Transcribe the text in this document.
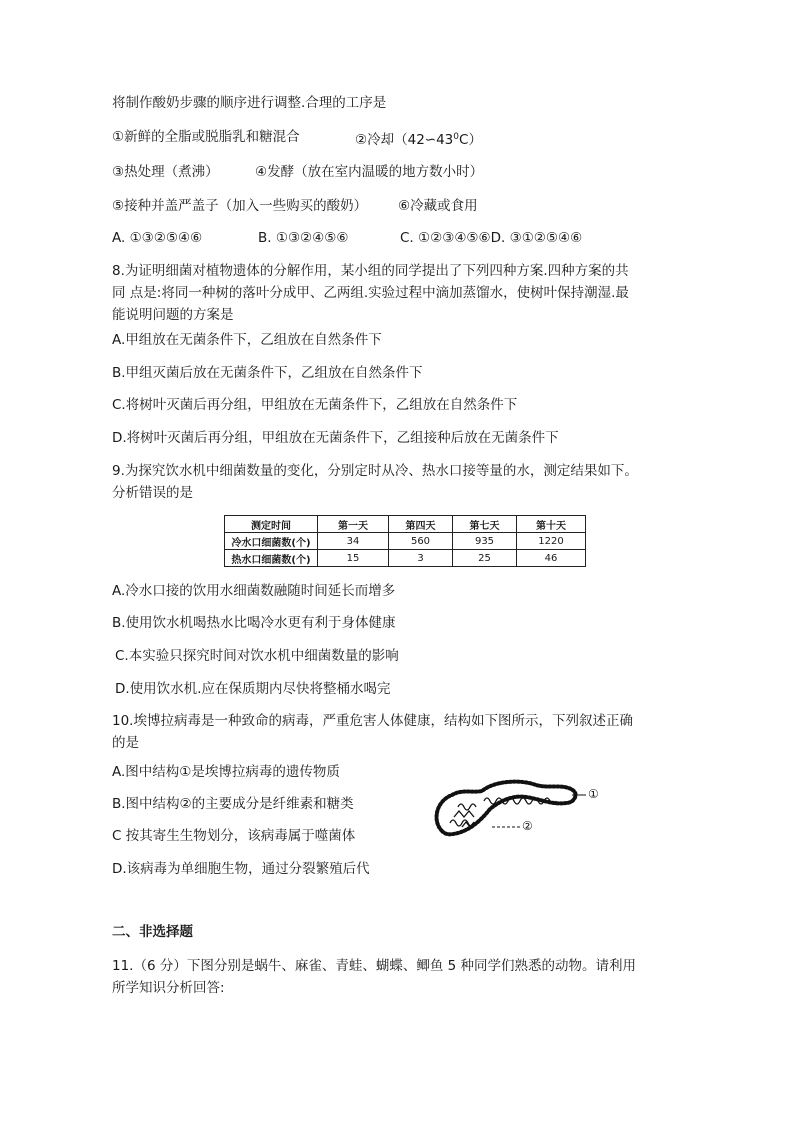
将制作酸奶步骤的顺序进行调整.合理的工序是
①新鲜的全脂或脱脂乳和糖混合	②冷却$(42∽43^0C)$
③热处理（煮沸）	④发酵（放在室内温暖的地方数小时）
⑤接种并盖严盖子（加入一些购买的酸奶） ⑥冷藏或食用
A. ①③②⑤④⑥	B. ①③②④⑤⑥	C. ①②③④⑤⑥D. ③①②⑤④⑥
8.为证明细菌对植物遗体的分解作用，某小组的同学提出了下列四种方案.四种方案的共
同 点是:将同一种树的落叶分成甲、乙两组.实验过程中滴加蒸馏水，使树叶保持潮湿.最
能说明问题的方案是
A.甲组放在无菌条件下，乙组放在自然条件下
B.甲组灭菌后放在无菌条件下，乙组放在自然条件下
C.将树叶灭菌后再分组，甲组放在无菌条件下，乙组放在自然条件下
D.将树叶灭菌后再分组，甲组放在无菌条件下，乙组接种后放在无菌条件下
9.为探究饮水机中细菌数量的变化，分别定时从冷、热水口接等量的水，测定结果如下。
分析错误的是
测定时间	第一天	第四天	第七天	第十天
冷水口细菌数(个)	34	560	935	1220
热水口细菌数(个)	15	3	25	46
A.冷水口接的饮用水细菌数融随时间延长而增多
B.使用饮水机喝热水比喝冷水更有利于身体健康
C.本实验只探究时间对饮水机中细菌数量的影响
D.使用饮水机.应在保质期内尽快将整桶水喝完
10.埃博拉病毒是一种致命的病毒，严重危害人体健康，结构如下图所示，下列叙述正确
的是
A.图中结构①是埃博拉病毒的遗传物质
B.图中结构②的主要成分是纤维素和糖类
C 按其寄生生物划分，该病毒属于噬菌体
D.该病毒为单细胞生物，通过分裂繁殖后代
①
②
二、非选择题
11.（6 分）下图分别是蜗牛、麻雀、青蛙、蝴蝶、鲫鱼 5 种同学们熟悉的动物。请利用
所学知识分析回答:
